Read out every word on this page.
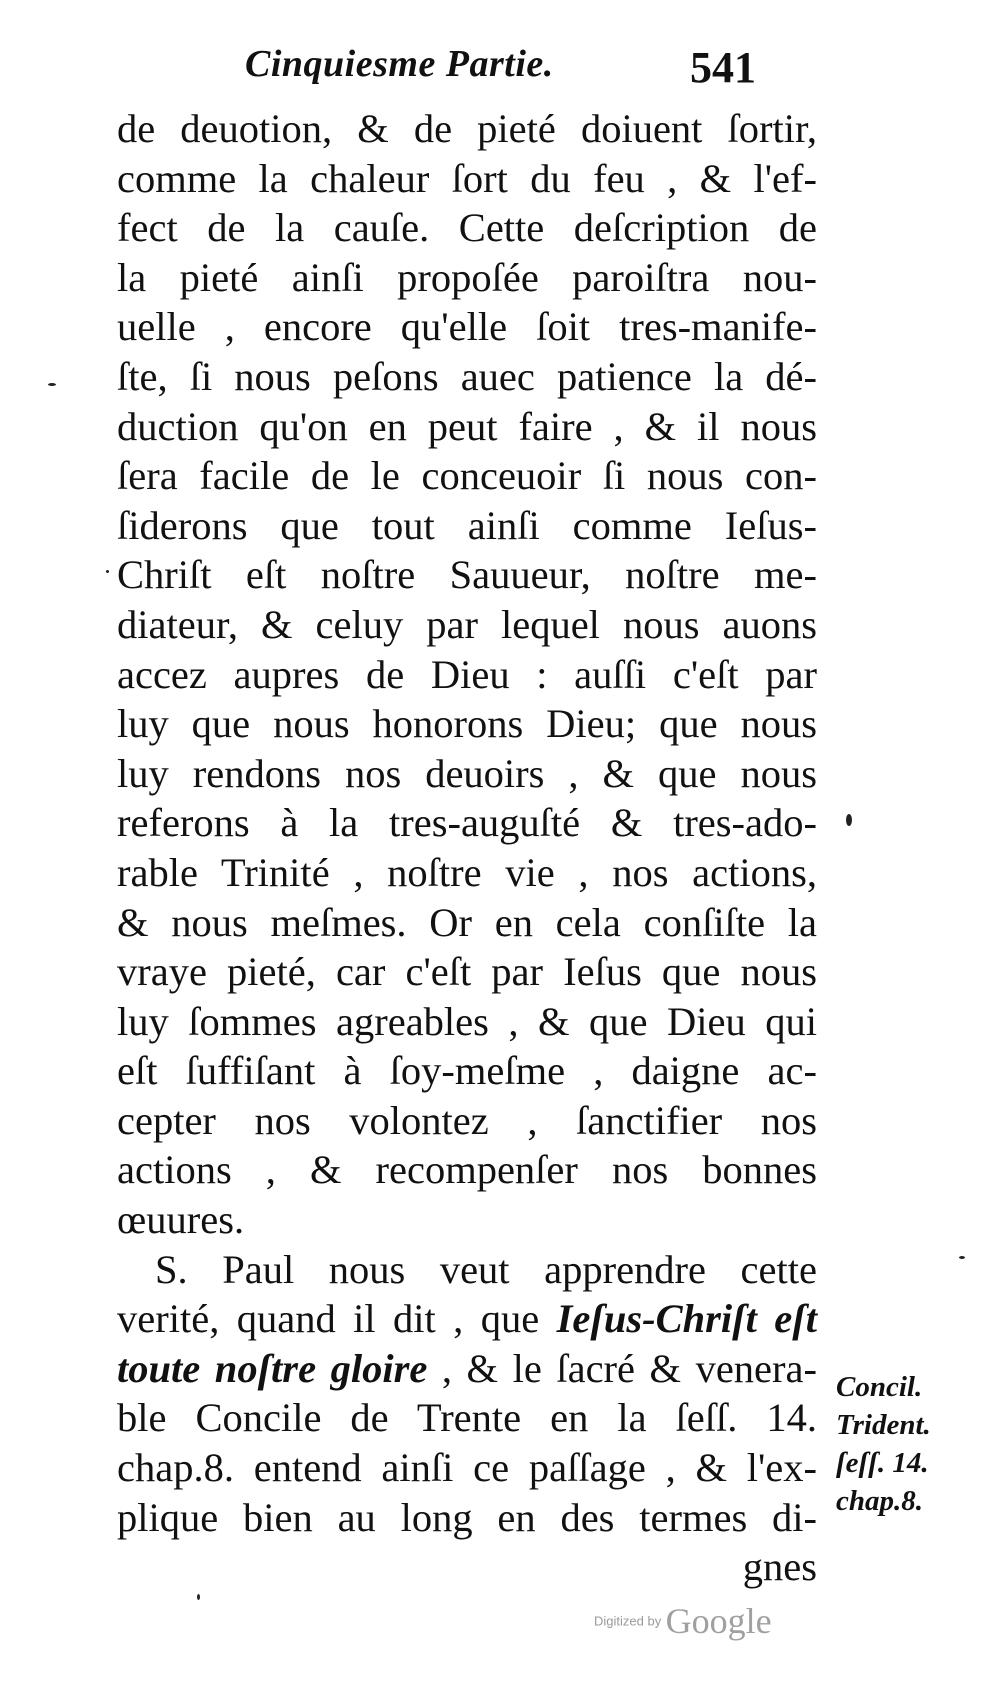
Cinquiesme Partie.	541
de deuotion, & de pieté doiuent ſortir,
comme la chaleur ſort du feu , & l'ef-
fect de la cauſe. Cette deſcription de
la pieté ainſi propoſée paroiſtra nou-
uelle , encore qu'elle ſoit tres-manife-
ſte, ſi nous peſons auec patience la dé-
duction qu'on en peut faire , & il nous
ſera facile de le conceuoir ſi nous con-
ſiderons que tout ainſi comme Ieſus-
Chriſt eſt noſtre Sauueur, noſtre me-
diateur, & celuy par lequel nous auons
accez aupres de Dieu : auſſi c'eſt par
luy que nous honorons Dieu; que nous
luy rendons nos deuoirs , & que nous
referons à la tres-auguſté & tres-ado-
rable Trinité , noſtre vie , nos actions,
& nous meſmes. Or en cela conſiſte la
vraye pieté, car c'eſt par Ieſus que nous
luy ſommes agreables , & que Dieu qui
eſt ſuffiſant à ſoy-meſme , daigne ac-
cepter nos volontez , ſanctifier nos
actions , & recompenſer nos bonnes
œuures.
S. Paul nous veut apprendre cette
verité, quand il dit , que Ieſus-Chriſt eſt
toute noſtre gloire , & le ſacré & venera-
ble Concile de Trente en la ſeſſ. 14.
chap.8. entend ainſi ce paſſage , & l'ex-
plique bien au long en des termes di-
gnes
Concil.
Trident.
ſeſſ. 14.
chap.8.
Digitized by Google
